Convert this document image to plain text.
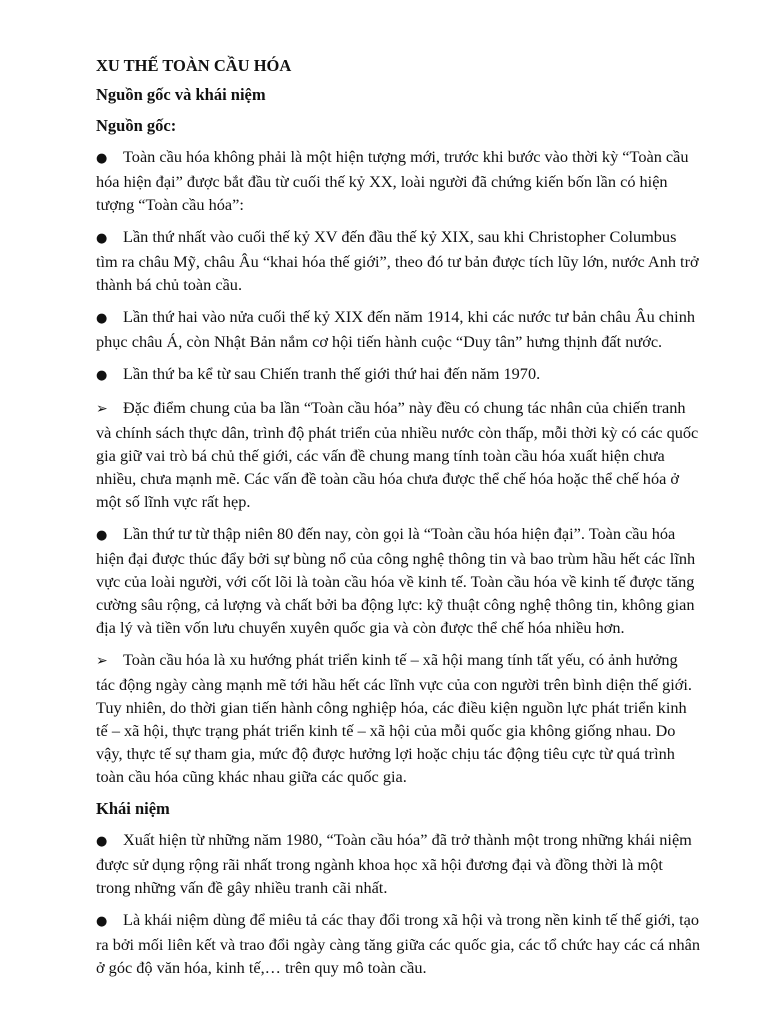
XU THẾ TOÀN CẦU HÓA
Nguồn gốc và khái niệm
Nguồn gốc:

● Toàn cầu hóa không phải là một hiện tượng mới, trước khi bước vào thời kỳ “Toàn cầu hóa hiện đại” được bắt đầu từ cuối thế kỷ XX, loài người đã chứng kiến bốn lần có hiện tượng “Toàn cầu hóa”:

● Lần thứ nhất vào cuối thế kỷ XV đến đầu thế kỷ XIX, sau khi Christopher Columbus tìm ra châu Mỹ, châu Âu “khai hóa thế giới”, theo đó tư bản được tích lũy lớn, nước Anh trở thành bá chủ toàn cầu.

● Lần thứ hai vào nửa cuối thế kỷ XIX đến năm 1914, khi các nước tư bản châu Âu chinh phục châu Á, còn Nhật Bản nắm cơ hội tiến hành cuộc “Duy tân” hưng thịnh đất nước.

● Lần thứ ba kể từ sau Chiến tranh thế giới thứ hai đến năm 1970.

➢ Đặc điểm chung của ba lần “Toàn cầu hóa” này đều có chung tác nhân của chiến tranh và chính sách thực dân, trình độ phát triển của nhiều nước còn thấp, mỗi thời kỳ có các quốc gia giữ vai trò bá chủ thế giới, các vấn đề chung mang tính toàn cầu hóa xuất hiện chưa nhiều, chưa mạnh mẽ. Các vấn đề toàn cầu hóa chưa được thể chế hóa hoặc thể chế hóa ở một số lĩnh vực rất hẹp.

● Lần thứ tư từ thập niên 80 đến nay, còn gọi là “Toàn cầu hóa hiện đại”. Toàn cầu hóa hiện đại được thúc đẩy bởi sự bùng nổ của công nghệ thông tin và bao trùm hầu hết các lĩnh vực của loài người, với cốt lõi là toàn cầu hóa về kinh tế. Toàn cầu hóa về kinh tế được tăng cường sâu rộng, cả lượng và chất bởi ba động lực: kỹ thuật công nghệ thông tin, không gian địa lý và tiền vốn lưu chuyển xuyên quốc gia và còn được thể chế hóa nhiều hơn.

➢ Toàn cầu hóa là xu hướng phát triển kinh tế – xã hội mang tính tất yếu, có ảnh hưởng tác động ngày càng mạnh mẽ tới hầu hết các lĩnh vực của con người trên bình diện thế giới. Tuy nhiên, do thời gian tiến hành công nghiệp hóa, các điều kiện nguồn lực phát triển kinh tế – xã hội, thực trạng phát triển kinh tế – xã hội của mỗi quốc gia không giống nhau. Do vậy, thực tế sự tham gia, mức độ được hưởng lợi hoặc chịu tác động tiêu cực từ quá trình toàn cầu hóa cũng khác nhau giữa các quốc gia.

Khái niệm

● Xuất hiện từ những năm 1980, “Toàn cầu hóa” đã trở thành một trong những khái niệm được sử dụng rộng rãi nhất trong ngành khoa học xã hội đương đại và đồng thời là một trong những vấn đề gây nhiều tranh cãi nhất.

● Là khái niệm dùng để miêu tả các thay đổi trong xã hội và trong nền kinh tế thế giới, tạo ra bởi mối liên kết và trao đổi ngày càng tăng giữa các quốc gia, các tổ chức hay các cá nhân ở góc độ văn hóa, kinh tế,… trên quy mô toàn cầu.
